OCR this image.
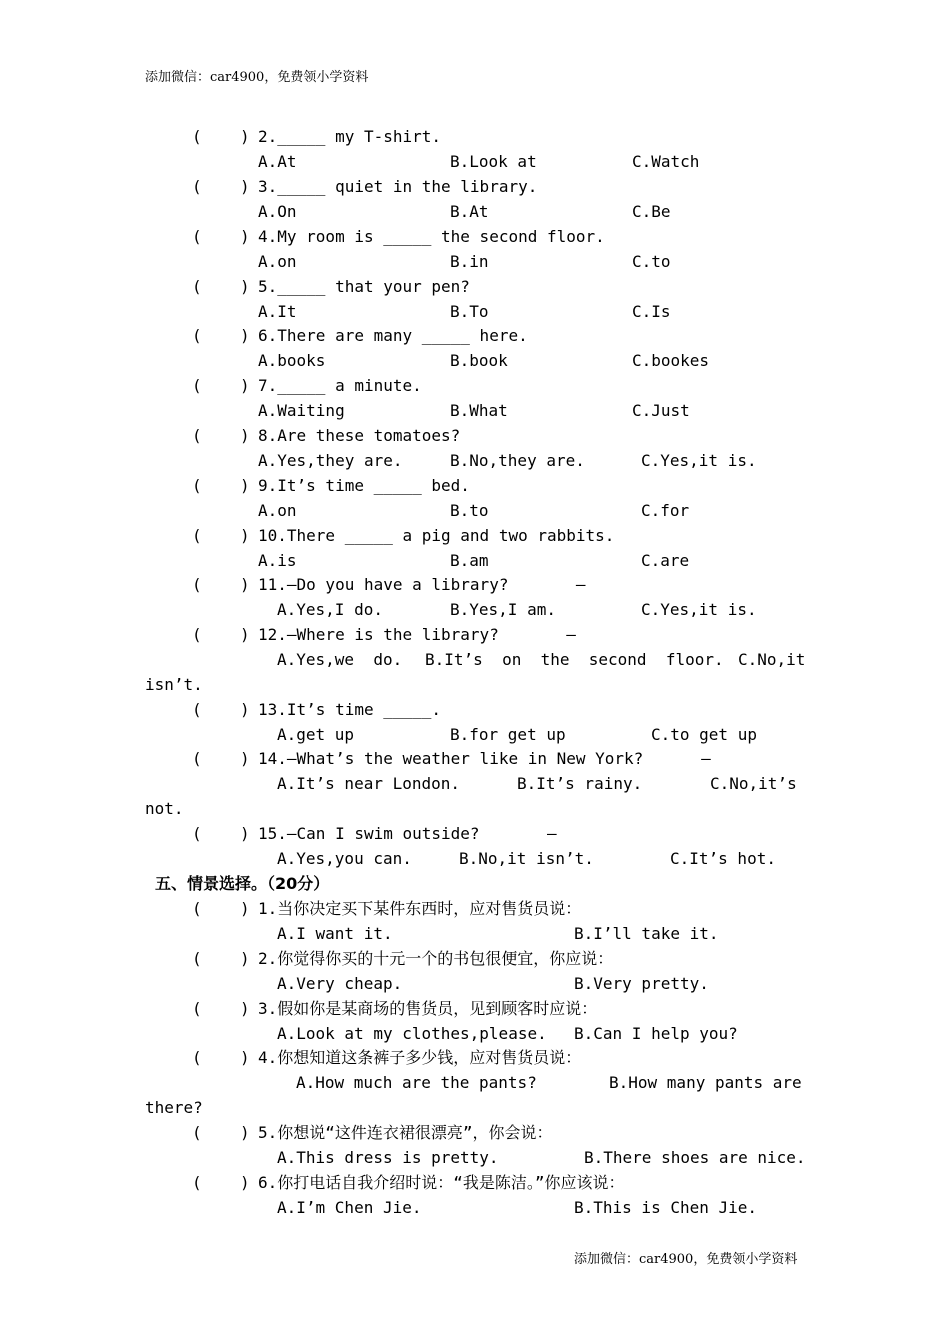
添加微信：car4900，免费领小学资料
( ) 2._____ my T-shirt.
A.At	B.Look at	C.Watch
( ) 3._____ quiet in the library.
A.On	B.At	C.Be
( ) 4.My room is _____ the second floor.
A.on	B.in	C.to
( ) 5._____ that your pen?
A.It	B.To	C.Is
( ) 6.There are many _____ here.
A.books	B.book	C.bookes
( ) 7._____ a minute.
A.Waiting	B.What	C.Just
( ) 8.Are these tomatoes?
A.Yes,they are.	B.No,they are.	C.Yes,it is.
( ) 9.It’s time _____ bed.
A.on	B.to	C.for
( ) 10.There _____ a pig and two rabbits.
A.is	B.am	C.are
( ) 11.—Do you have a library?       —
A.Yes,I do.	B.Yes,I am.	C.Yes,it is.
( ) 12.—Where is the library?       —
A.Yes,we  do. B.It’s  on  the  second  floor. C.No,it
isn’t.
( ) 13.It’s time _____.
A.get up	B.for get up	C.to get up
( ) 14.—What’s the weather like in New York?      —
A.It’s near London.	B.It’s rainy.	C.No,it’s
not.
( ) 15.—Can I swim outside?       —
A.Yes,you can.	B.No,it isn’t.	C.It’s hot.
( ) 1.当你决定买下某件东西时，应对售货员说：
A.I want it.	B.I’ll take it.
( ) 2.你觉得你买的十元一个的书包很便宜，你应说：
A.Very cheap.	B.Very pretty.
( ) 3.假如你是某商场的售货员，见到顾客时应说：
A.Look at my clothes,please. B.Can I help you?
( ) 4.你想知道这条裤子多少钱，应对售货员说：
A.How much are the pants?	B.How many pants are
there?
( ) 5.你想说“这件连衣裙很漂亮”，你会说：
A.This dress is pretty.	B.There shoes are nice.
( ) 6.你打电话自我介绍时说：“我是陈洁。”你应该说：
A.I’m Chen Jie.	B.This is Chen Jie.
五、情景选择。（20分）
添加微信：car4900，免费领小学资料
